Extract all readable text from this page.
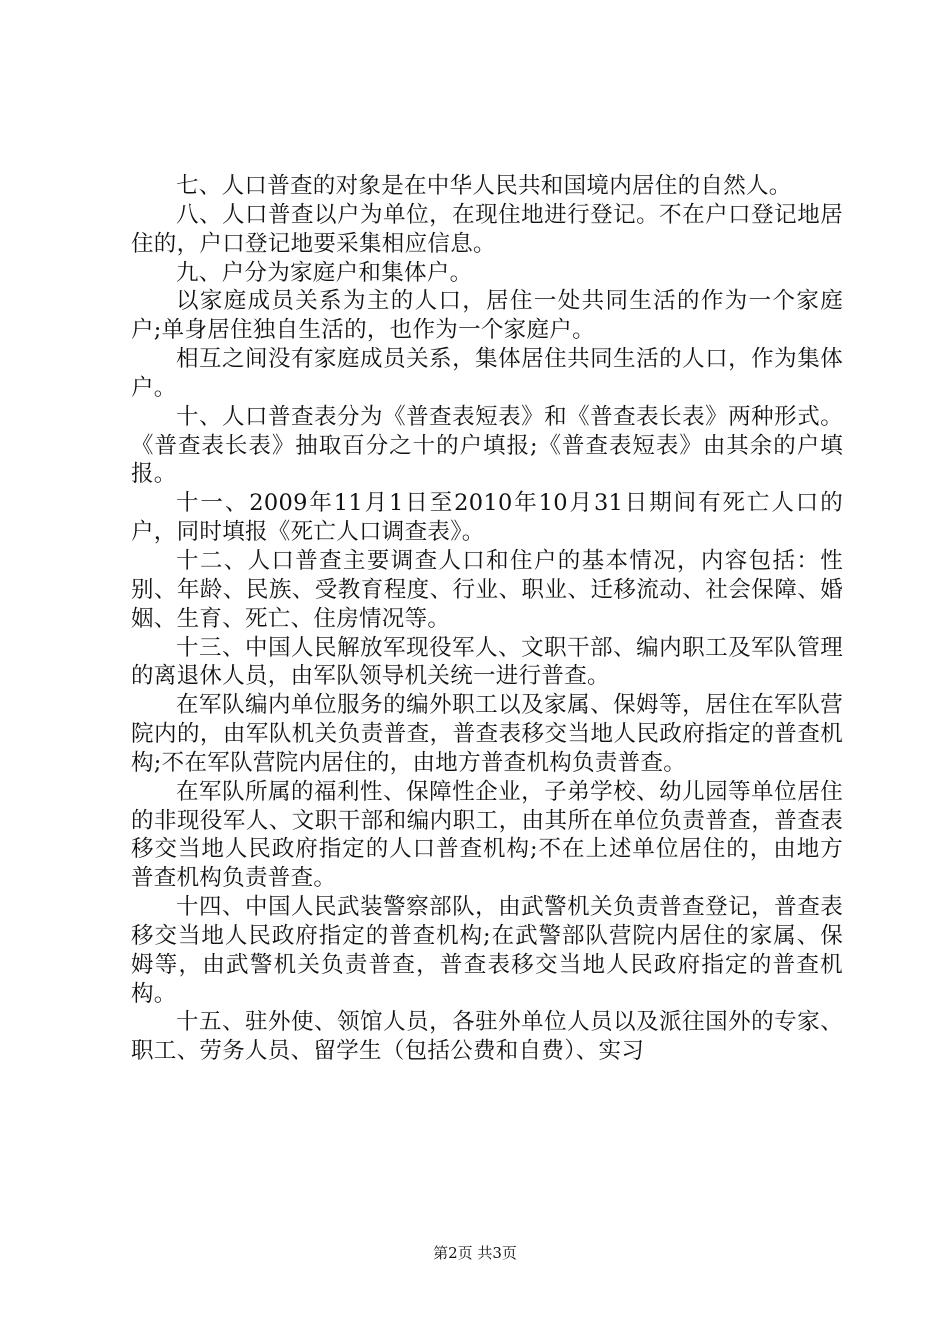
七、人口普查的对象是在中华人民共和国境内居住的自然人。

八、人口普查以户为单位，在现住地进行登记。不在户口登记地居住的，户口登记地要采集相应信息。

九、户分为家庭户和集体户。

以家庭成员关系为主的人口，居住一处共同生活的作为一个家庭户;单身居住独自生活的，也作为一个家庭户。

相互之间没有家庭成员关系，集体居住共同生活的人口，作为集体户。

十、人口普查表分为《普查表短表》和《普查表长表》两种形式。《普查表长表》抽取百分之十的户填报;《普查表短表》由其余的户填报。

十一、2009年11月1日至2010年10月31日期间有死亡人口的户，同时填报《死亡人口调查表》。

十二、人口普查主要调查人口和住户的基本情况，内容包括：性别、年龄、民族、受教育程度、行业、职业、迁移流动、社会保障、婚姻、生育、死亡、住房情况等。

十三、中国人民解放军现役军人、文职干部、编内职工及军队管理的离退休人员，由军队领导机关统一进行普查。

在军队编内单位服务的编外职工以及家属、保姆等，居住在军队营院内的，由军队机关负责普查，普查表移交当地人民政府指定的普查机构;不在军队营院内居住的，由地方普查机构负责普查。

在军队所属的福利性、保障性企业，子弟学校、幼儿园等单位居住的非现役军人、文职干部和编内职工，由其所在单位负责普查，普查表移交当地人民政府指定的人口普查机构;不在上述单位居住的，由地方普查机构负责普查。

十四、中国人民武装警察部队，由武警机关负责普查登记，普查表移交当地人民政府指定的普查机构;在武警部队营院内居住的家属、保姆等，由武警机关负责普查，普查表移交当地人民政府指定的普查机构。

十五、驻外使、领馆人员，各驻外单位人员以及派往国外的专家、职工、劳务人员、留学生（包括公费和自费）、实习

第2页 共3页
